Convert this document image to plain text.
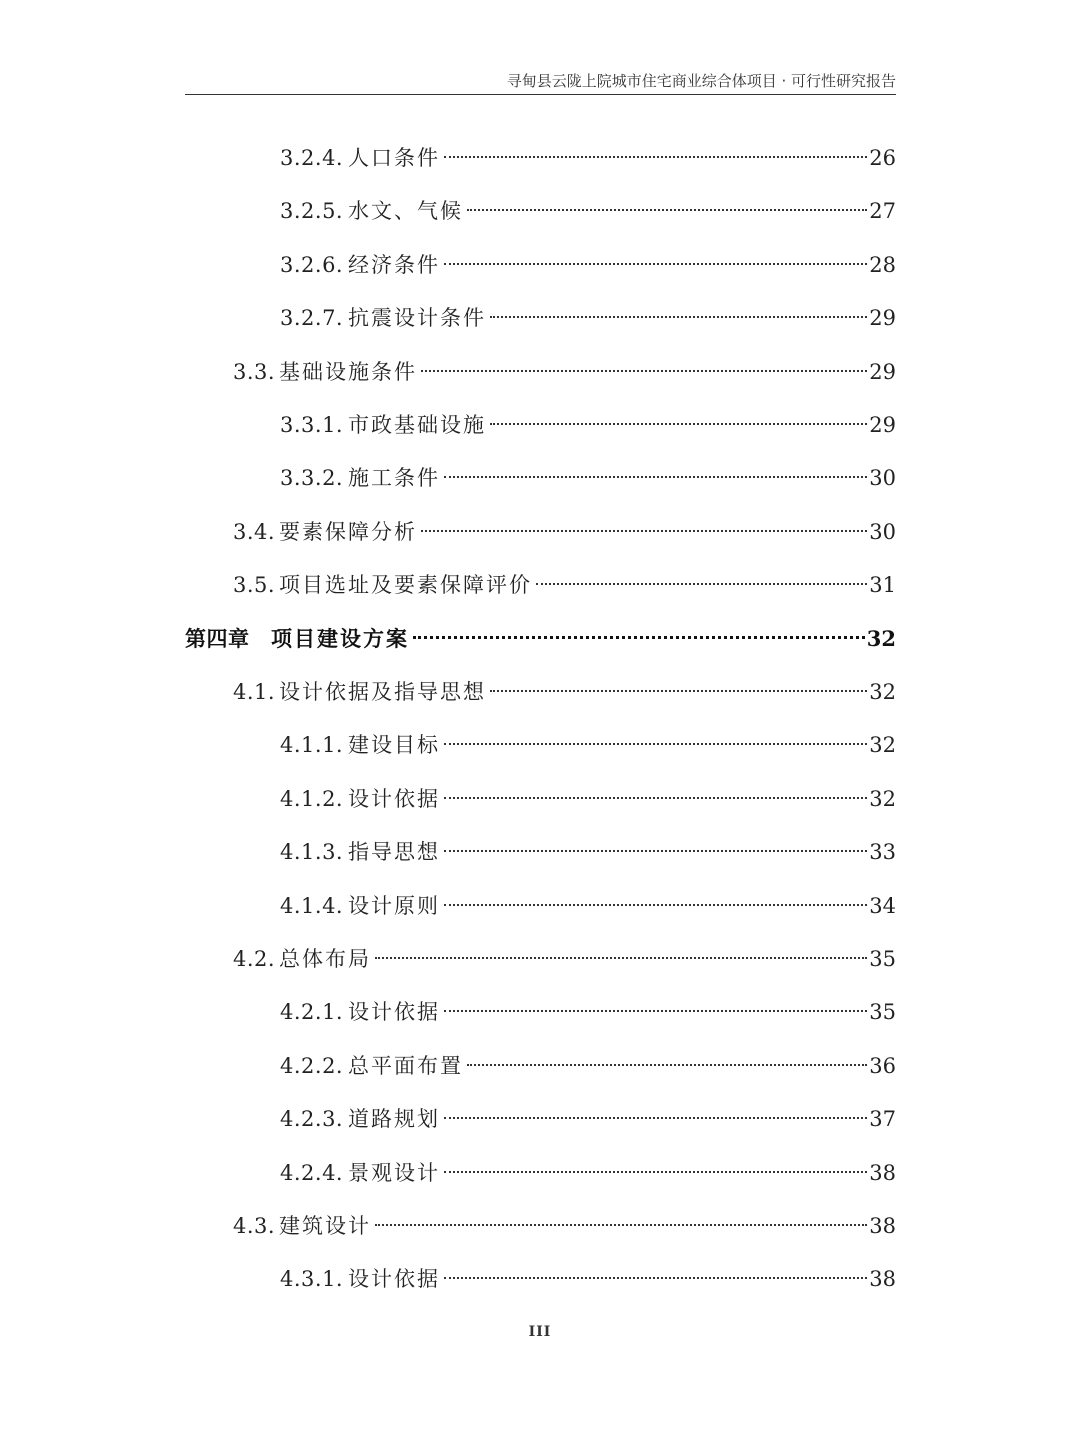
寻甸县云陇上院城市住宅商业综合体项目 · 可行性研究报告
3.2.4. 人口条件	26
3.2.5. 水文、气候	27
3.2.6. 经济条件	28
3.2.7. 抗震设计条件	29
3.3. 基础设施条件	29
3.3.1. 市政基础设施	29
3.3.2. 施工条件	30
3.4. 要素保障分析	30
3.5. 项目选址及要素保障评价	31
第四章	项目建设方案	32
4.1. 设计依据及指导思想	32
4.1.1. 建设目标	32
4.1.2. 设计依据	32
4.1.3. 指导思想	33
4.1.4. 设计原则	34
4.2. 总体布局	35
4.2.1. 设计依据	35
4.2.2. 总平面布置	36
4.2.3. 道路规划	37
4.2.4. 景观设计	38
4.3. 建筑设计	38
4.3.1. 设计依据	38
III
